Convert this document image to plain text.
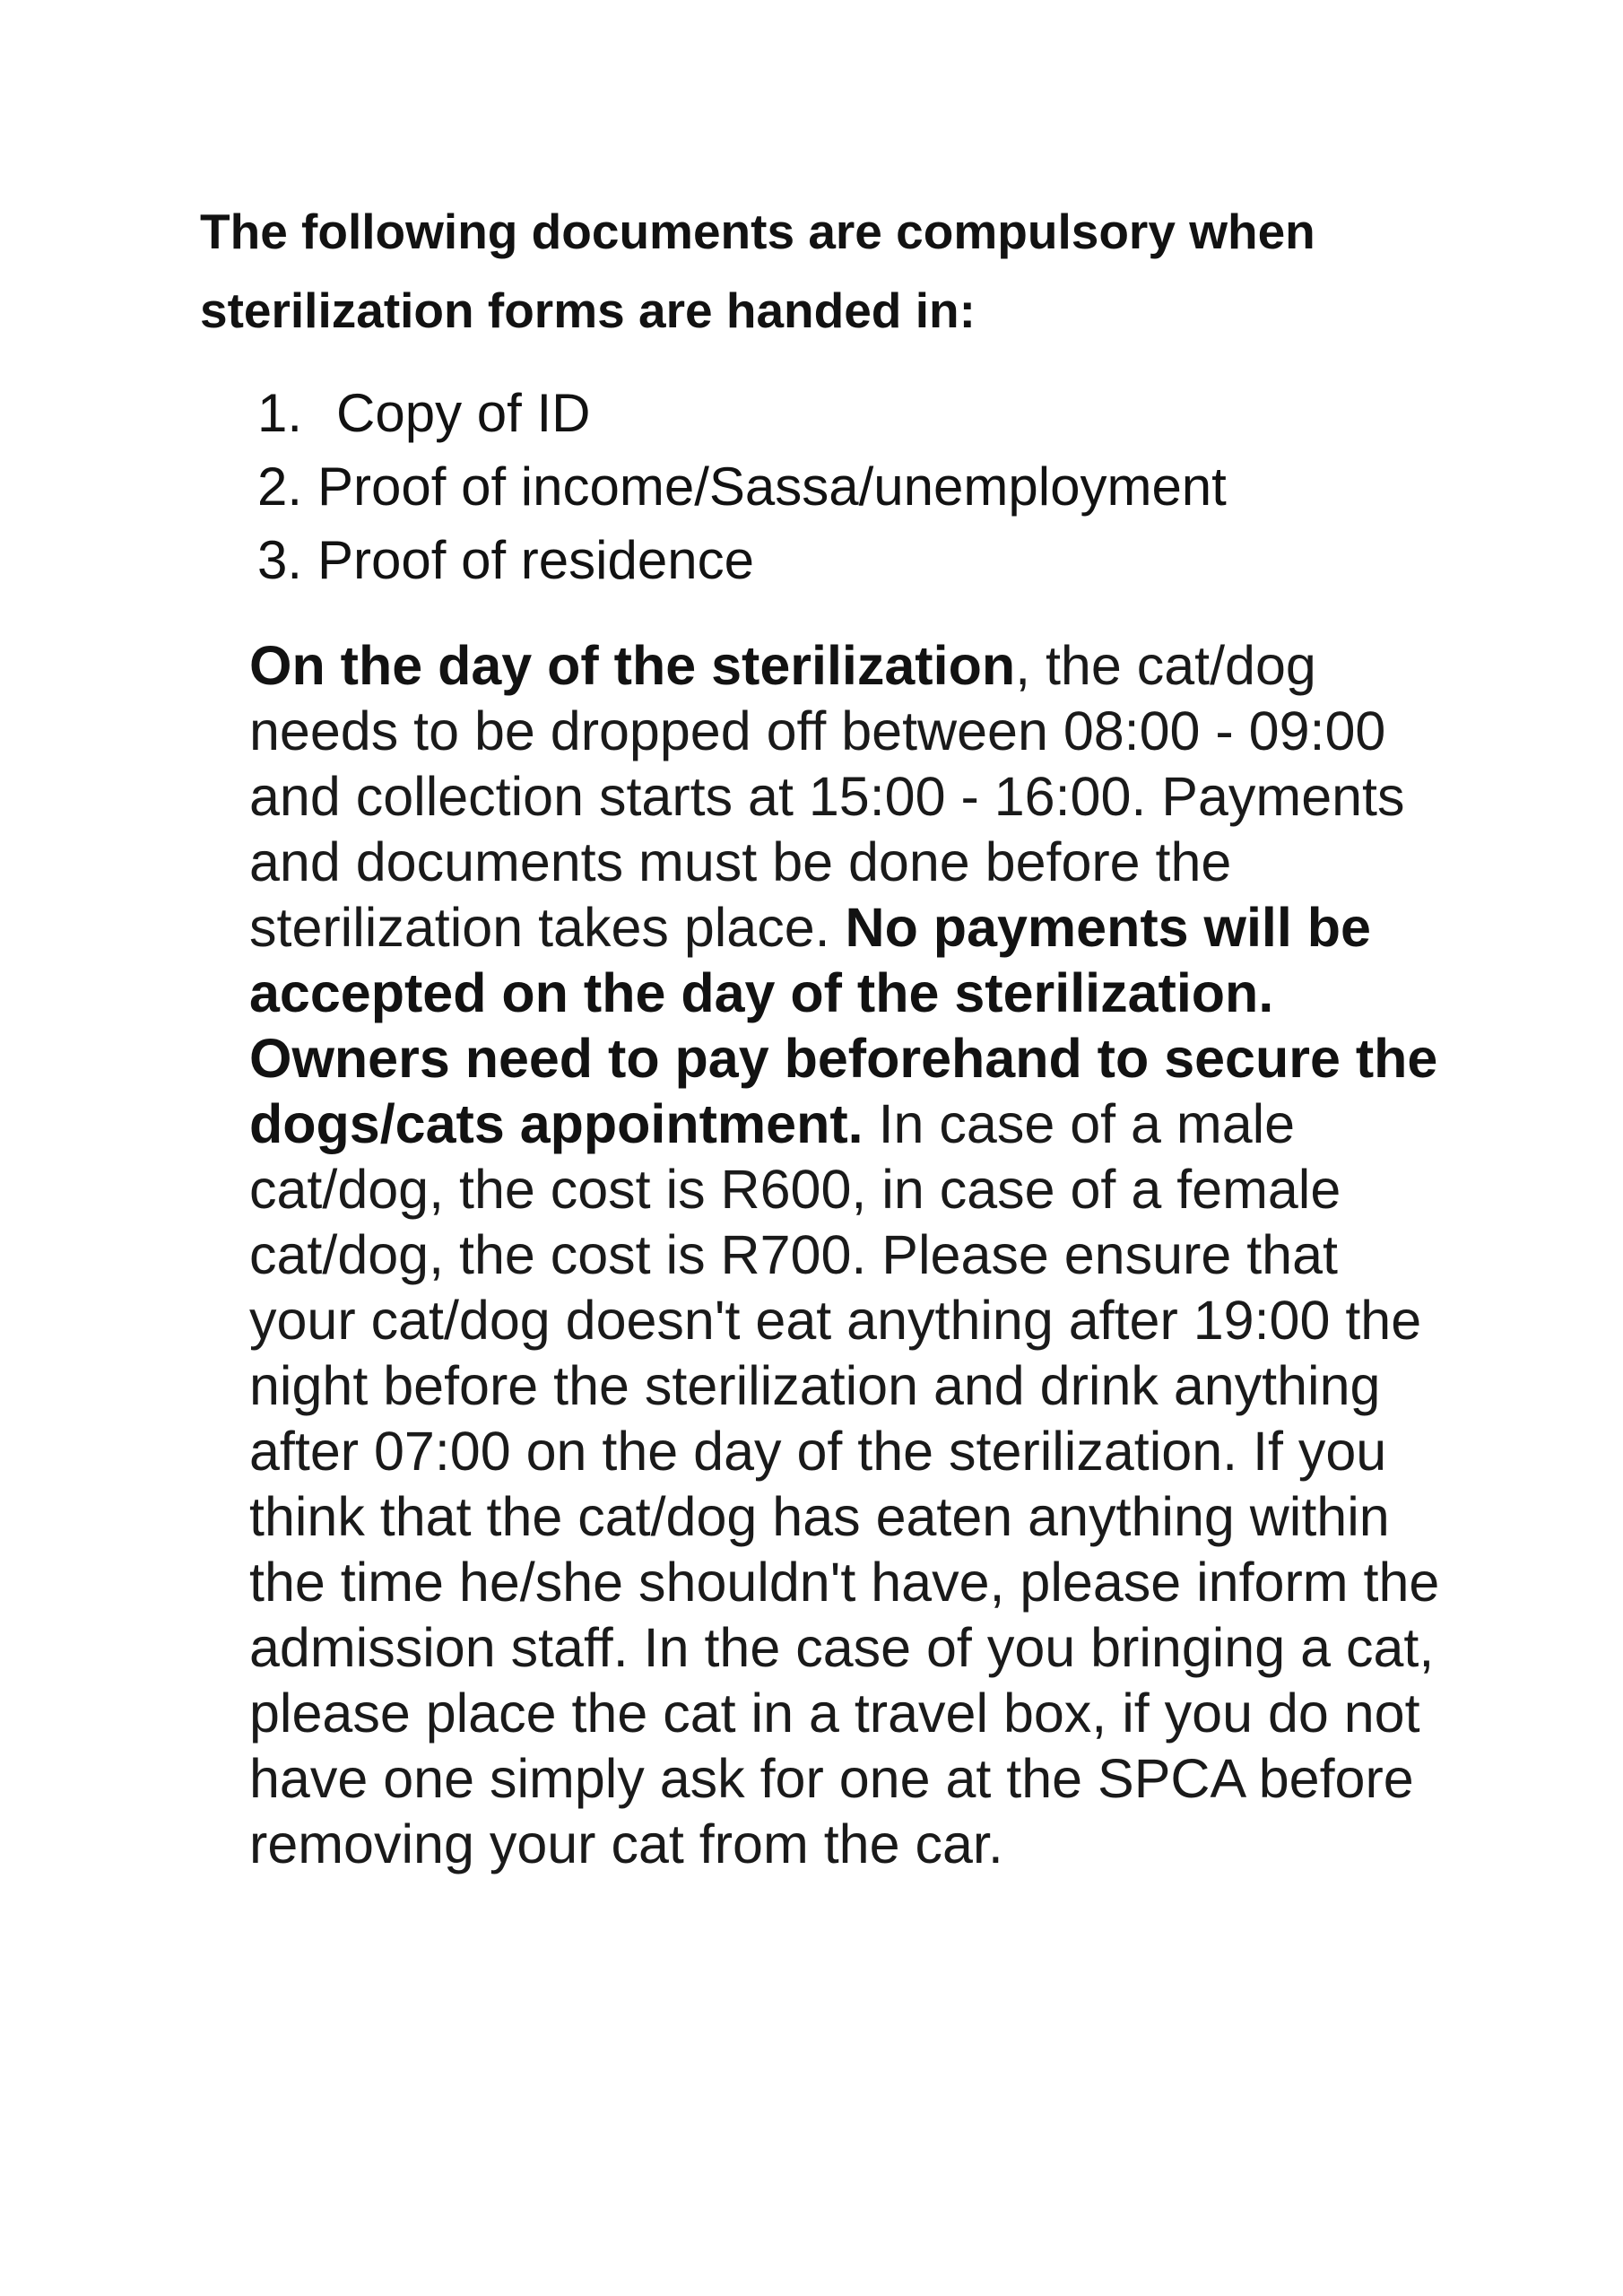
The following documents are compulsory when sterilization forms are handed in:
1. Copy of ID
2. Proof of income/Sassa/unemployment
3. Proof of residence
On the day of the sterilization, the cat/dog needs to be dropped off between 08:00 - 09:00 and collection starts at 15:00 - 16:00. Payments and documents must be done before the sterilization takes place. No payments will be accepted on the day of the sterilization. Owners need to pay beforehand to secure the dogs/cats appointment. In case of a male cat/dog, the cost is R600, in case of a female cat/dog, the cost is R700. Please ensure that your cat/dog doesn't eat anything after 19:00 the night before the sterilization and drink anything after 07:00 on the day of the sterilization. If you think that the cat/dog has eaten anything within the time he/she shouldn't have, please inform the admission staff. In the case of you bringing a cat, please place the cat in a travel box, if you do not have one simply ask for one at the SPCA before removing your cat from the car.
